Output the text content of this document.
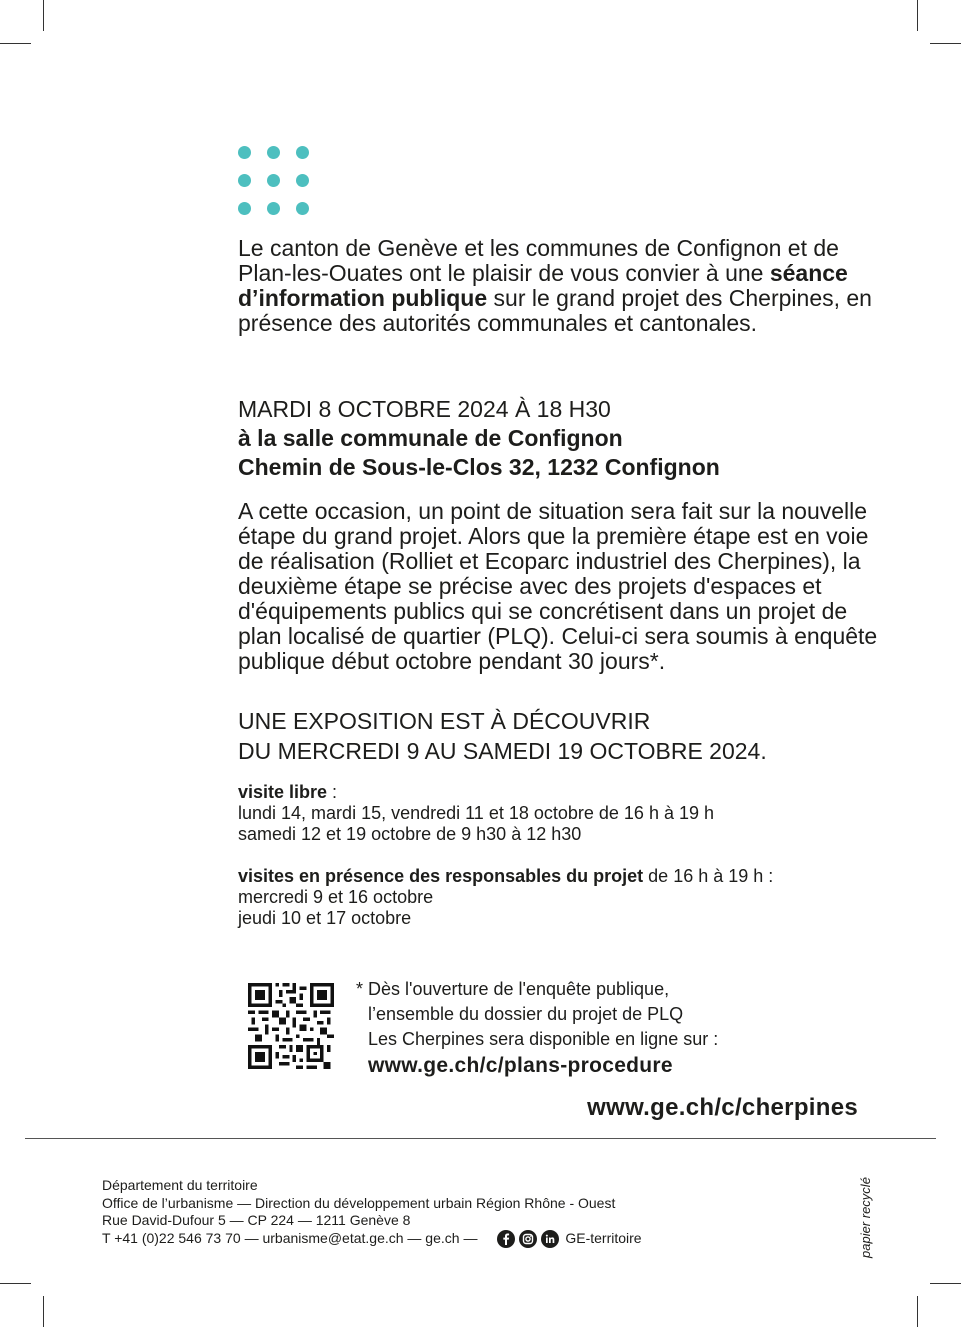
Le canton de Genève et les communes de Confignon et de Plan-les-Ouates ont le plaisir de vous convier à une séance d’information publique sur le grand projet des Cherpines, en présence des autorités communales et cantonales.

MARDI 8 OCTOBRE 2024 À 18 H30
à la salle communale de Confignon
Chemin de Sous-le-Clos 32, 1232 Confignon

A cette occasion, un point de situation sera fait sur la nouvelle étape du grand projet. Alors que la première étape est en voie de réalisation (Rolliet et Ecoparc industriel des Cherpines), la deuxième étape se précise avec des projets d'espaces et d'équipements publics qui se concrétisent dans un projet de plan localisé de quartier (PLQ). Celui-ci sera soumis à enquête publique début octobre pendant 30 jours*.

UNE EXPOSITION EST À DÉCOUVRIR
DU MERCREDI 9 AU SAMEDI 19 OCTOBRE 2024.
visite libre :
lundi 14, mardi 15, vendredi 11 et 18 octobre de 16 h à 19 h
samedi 12 et 19 octobre de 9 h30 à 12 h30
visites en présence des responsables du projet de 16 h à 19 h :
mercredi 9 et 16 octobre
jeudi 10 et 17 octobre
* Dès l'ouverture de l'enquête publique,
l’ensemble du dossier du projet de PLQ
Les Cherpines sera disponible en ligne sur :
www.ge.ch/c/plans-procedure
www.ge.ch/c/cherpines
Département du territoire
Office de l’urbanisme — Direction du développement urbain Région Rhône - Ouest
Rue David-Dufour 5 — CP 224 — 1211 Genève 8
T +41 (0)22 546 73 70 — urbanisme@etat.ge.ch — ge.ch —	GE-territoire	papier recyclé
